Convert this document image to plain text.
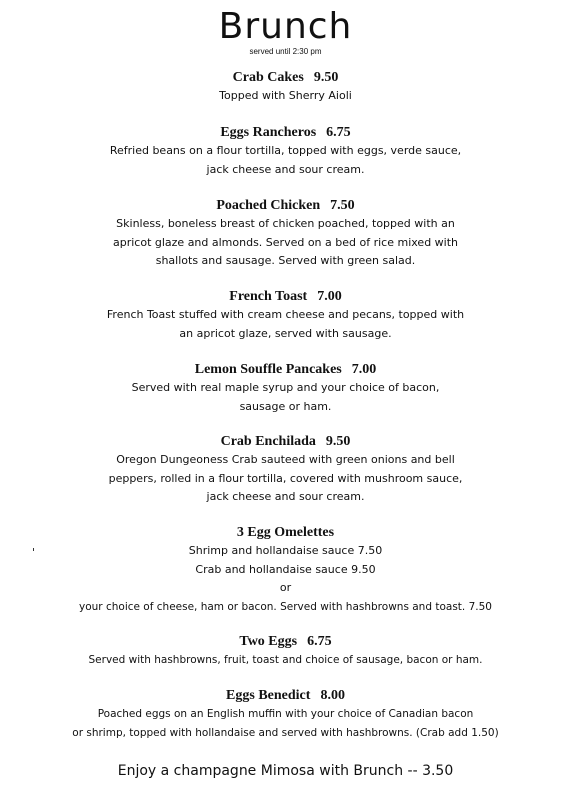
Brunch
served until 2:30 pm
Crab Cakes 9.50
Topped with Sherry Aioli
Eggs Rancheros 6.75
Refried beans on a flour tortilla, topped with eggs, verde sauce,
jack cheese and sour cream.
Poached Chicken 7.50
Skinless, boneless breast of chicken poached, topped with an
apricot glaze and almonds. Served on a bed of rice mixed with
shallots and sausage. Served with green salad.
French Toast 7.00
French Toast stuffed with cream cheese and pecans, topped with
an apricot glaze, served with sausage.
Lemon Souffle Pancakes 7.00
Served with real maple syrup and your choice of bacon,
sausage or ham.
Crab Enchilada 9.50
Oregon Dungeoness Crab sauteed with green onions and bell
peppers, rolled in a flour tortilla, covered with mushroom sauce,
jack cheese and sour cream.
3 Egg Omelettes
Shrimp and hollandaise sauce 7.50
Crab and hollandaise sauce 9.50
or
your choice of cheese, ham or bacon. Served with hashbrowns and toast. 7.50
Two Eggs 6.75
Served with hashbrowns, fruit, toast and choice of sausage, bacon or ham.
Eggs Benedict 8.00
Poached eggs on an English muffin with your choice of Canadian bacon
or shrimp, topped with hollandaise and served with hashbrowns. (Crab add 1.50)
Enjoy a champagne Mimosa with Brunch -- 3.50
